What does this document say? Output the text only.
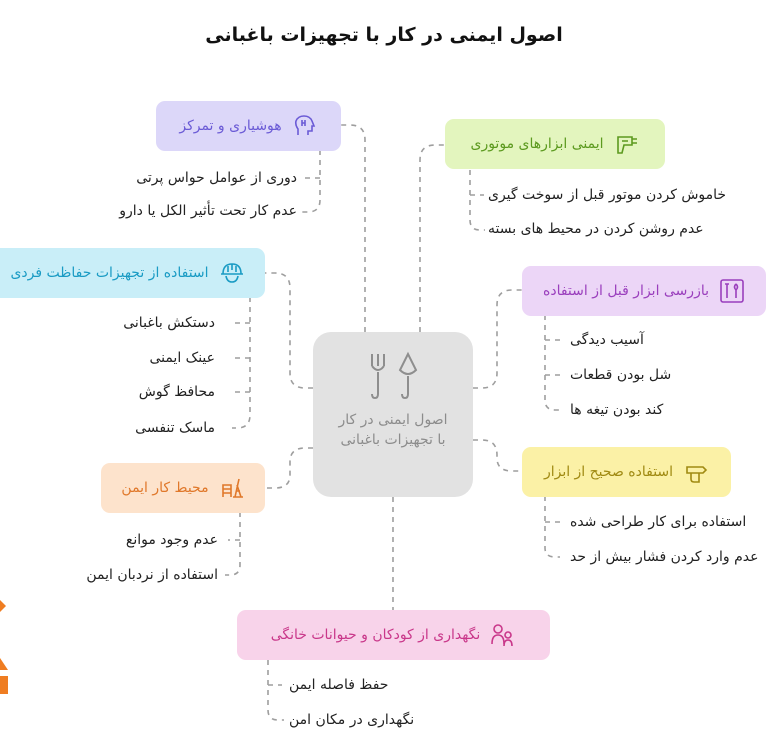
اصول ایمنی در کار با تجهیزات باغبانی
اصول ایمنی در کار با تجهیزات باغبانی
هوشیاری و تمرکز
دوری از عوامل حواس پرتی
عدم کار تحت تأثیر الکل یا دارو
استفاده از تجهیزات حفاظت فردی
دستکش باغبانی
عینک ایمنی
محافظ گوش
ماسک تنفسی
محیط کار ایمن
عدم وجود موانع
استفاده از نردبان ایمن
نگهداری از کودکان و حیوانات خانگی
حفظ فاصله ایمن
نگهداری در مکان امن
ایمنی ابزارهای موتوری
خاموش کردن موتور قبل از سوخت گیری
عدم روشن کردن در محیط های بسته
بازرسی ابزار قبل از استفاده
آسیب دیدگی
شل بودن قطعات
کند بودن تیغه ها
استفاده صحیح از ابزار
استفاده برای کار طراحی شده
عدم وارد کردن فشار بیش از حد
